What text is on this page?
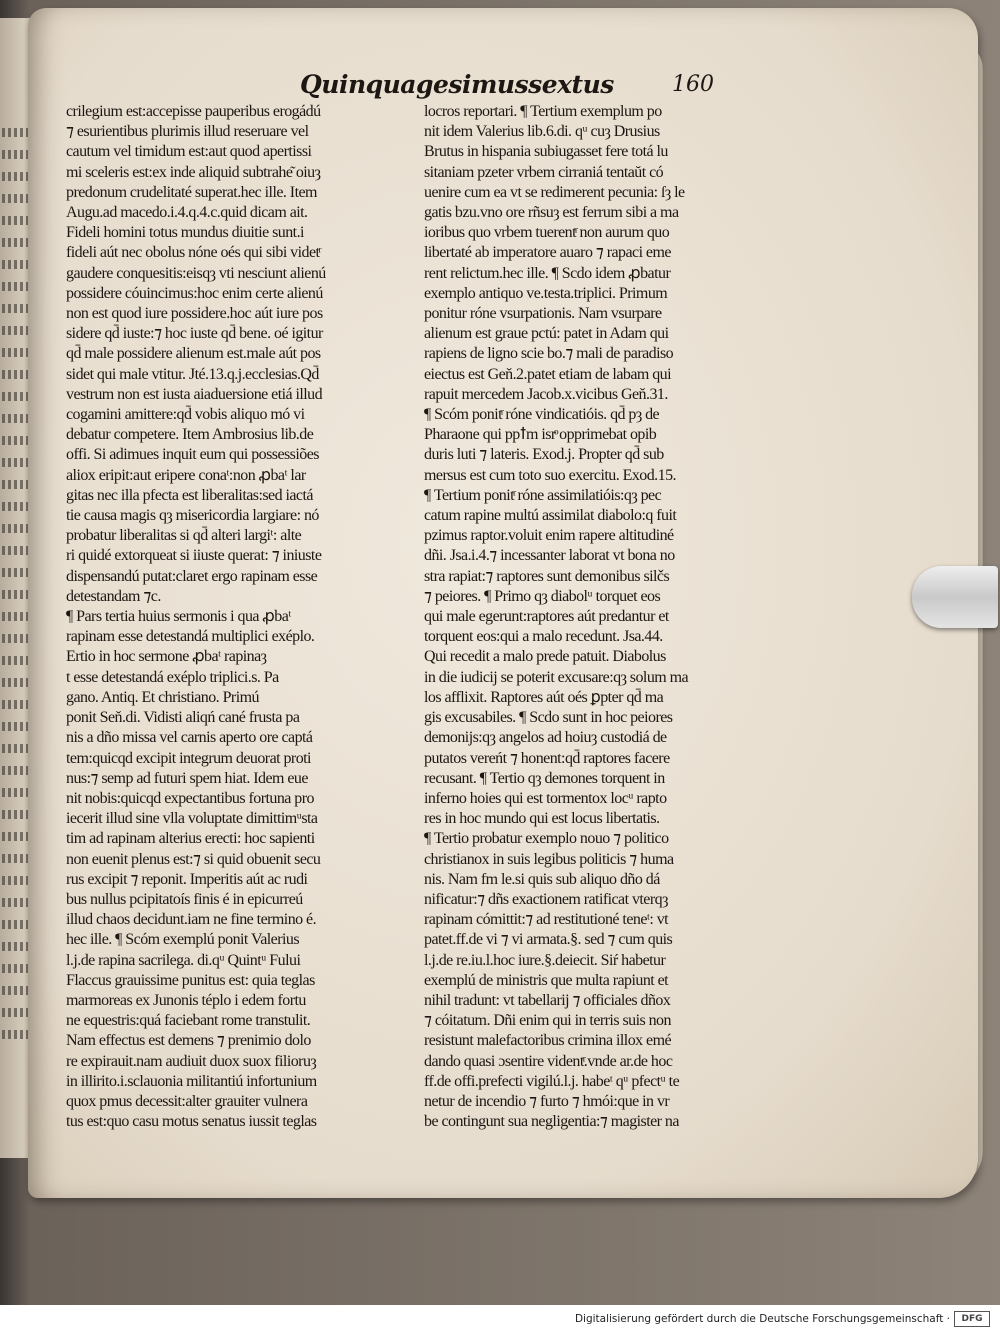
Quinquagesimussextus	160
crilegium est:accepisse pauperibus erogádú
⁊ esurientibus plurimis illud reseruare vel
cautum vel timidum est:aut quod apertissi
mi sceleris est:ex inde aliquid subtrahe͂ oiuȝ
predonum crudelitaté superat.hec ille. Item
Augu.ad macedo.i.4.q.4.c.quid dicam ait.
Fideli homini totus mundus diuitie sunt.i
fideli aút nec obolus nóne oés qui sibi videtͬ
gaudere conquesitis:eisqȝ vti nesciunt alienú
possidere cóuincimus:hoc enim certe alienú
non est quod iure possidere.hoc aút iure pos
sidere qd̄ iuste:⁊ hoc iuste qd̄ bene. oé igitur
qd̄ male possidere alienum est.male aút pos
sidet qui male vtitur. Jté.13.q.j.ecclesias.Qd̄
vestrum non est iusta aiaduersione etiá illud
cogamini amittere:qd̄ vobis aliquo mó vi
debatur competere. Item Ambrosius lib.de
offi. Si adimues inquit eum qui possessiões
aliox eripit:aut eripere conaᵗ:non ꝓbaᵗ lar
gitas nec illa pfecta est liberalitas:sed iactá
tie causa magis qȝ misericordia largiare: nó
probatur liberalitas si qd̄ alteri largiᵗ: alte
ri quidé extorqueat si iiuste querat: ⁊ iniuste
dispensandú putat:claret ergo rapinam esse
detestandam ⁊c.
¶ Pars tertia huius sermonis i qua ꝓbaᵗ
rapinam esse detestandá multiplici exéplo.
Ertio in hoc sermone ꝓbaᵗ rapinaȝ
t esse detestandá exéplo triplici.s. Pa
gano. Antiq. Et christiano. Primú
ponit Seň.di. Vidisti aliqń cané frusta pa
nis a dño missa vel carnis aperto ore captá
tem:quicqd excipit integrum deuorat proti
nus:⁊ semp ad futuri spem hiat. Idem eue
nit nobis:quicqd expectantibus fortuna pro
iecerit illud sine vlla voluptate dimittimᵘsta
tim ad rapinam alterius erecti: hoc sapienti
non euenit plenus est:⁊ si quid obuenit secu
rus excipit ⁊ reponit. Imperitis aút ac rudi
bus nullus pcipitatoís finis é in epicurreú
illud chaos decidunt.iam ne fine termino é.
hec ille. ¶ Scóm exemplú ponit Valerius
l.j.de rapina sacrilega. di.qᵘ Quintᵘ Fului
Flaccus grauissime punitus est: quia teglas
marmoreas ex Junonis téplo i edem fortu
ne equestris:quá faciebant rome transtulit.
Nam effectus est demens ⁊ prenimio dolo
re expirauit.nam audiuit duox suox filioruȝ
in illirito.i.sclauonia militantiú infortunium
quox pmus decessit:alter grauiter vulnera
tus est:quo casu motus senatus iussit teglas
locros reportari. ¶ Tertium exemplum po
nit idem Valerius lib.6.di. qᵘ cuȝ Drusius
Brutus in hispania subiugasset fere totá lu
sitaniam pzeter vrbem cirraniá tentaŭt có
uenire cum ea vt se redimerent pecunia: ſȝ le
gatis bzu.vno ore rñsuȝ est ferrum sibi a ma
ioribus quo vrbem tuerentͬ non aurum quo
libertaté ab imperatore auaro ⁊ rapaci eme
rent relictum.hec ille. ¶ Scdo idem ꝓbatur
exemplo antiquo ve.testa.triplici. Primum
ponitur róne vsurpationis. Nam vsurpare
alienum est graue pctú: patet in Adam qui
rapiens de ligno scie bo.⁊ mali de paradiso
eiectus est Geň.2.patet etiam de labam qui
rapuit mercedem Jacob.x.vicibus Geň.31.
¶ Scóm ponitͬ róne vindicatióis. qd̄ pȝ de
Pharaone qui ppꝉm isrͦ opprimebat opib
duris luti ⁊ lateris. Exod.j. Propter qd̄ sub
mersus est cum toto suo exercitu. Exod.15.
¶ Tertium ponitͬ róne assimilatióis:qȝ pec
catum rapine multú assimilat diabolo:q fuit
pzimus raptor.voluit enim rapere altitudiné
dñi. Jsa.i.4.⁊ incessanter laborat vt bona no
stra rapiat:⁊ raptores sunt demonibus silčs
⁊ peiores. ¶ Primo qȝ diabolᵘ torquet eos
qui male egerunt:raptores aút predantur et
torquent eos:qui a malo recedunt. Jsa.44.
Qui recedit a malo prede patuit. Diabolus
in die iudicij se poterit excusare:qȝ solum ma
los afflixit. Raptores aút oés ꝑpter qd̄ ma
gis excusabiles. ¶ Scdo sunt in hoc peiores
demonijs:qȝ angelos ad hoiuȝ custodiá de
putatos vereńt ⁊ honent:qd̄ raptores facere
recusant. ¶ Tertio qȝ demones torquent in
inferno hoies qui est tormentox locᵘ rapto
res in hoc mundo qui est locus libertatis.
¶ Tertio probatur exemplo nouo ⁊ politico
christianox in suis legibus politicis ⁊ huma
nis. Nam fm le.si quis sub aliquo dño dá
nificatur:⁊ dñs exactionem ratificat vterqȝ
rapinam cómittit:⁊ ad restitutioné teneᵗ: vt
patet.ff.de vi ⁊ vi armata.§. sed ⁊ cum quis
l.j.de re.iu.l.hoc iure.§.deiecit. Siŕ habetur
exemplú de ministris que multa rapiunt et
nihil tradunt: vt tabellarij ⁊ officiales dñox
⁊ cóitatum. Dñi enim qui in terris suis non
resistunt malefactoribus crimina illox emé
dando quasi ɔsentire videntͬ.vnde ar.de hoc
ff.de offi.prefecti vigilú.l.j. habeᵗ qᵘ pfectᵘ te
netur de incendio ⁊ furto ⁊ hmói:que in vr
be contingunt sua negligentia:⁊ magister na
Digitalisierung gefördert durch die Deutsche Forschungsgemeinschaft ·	DFG
